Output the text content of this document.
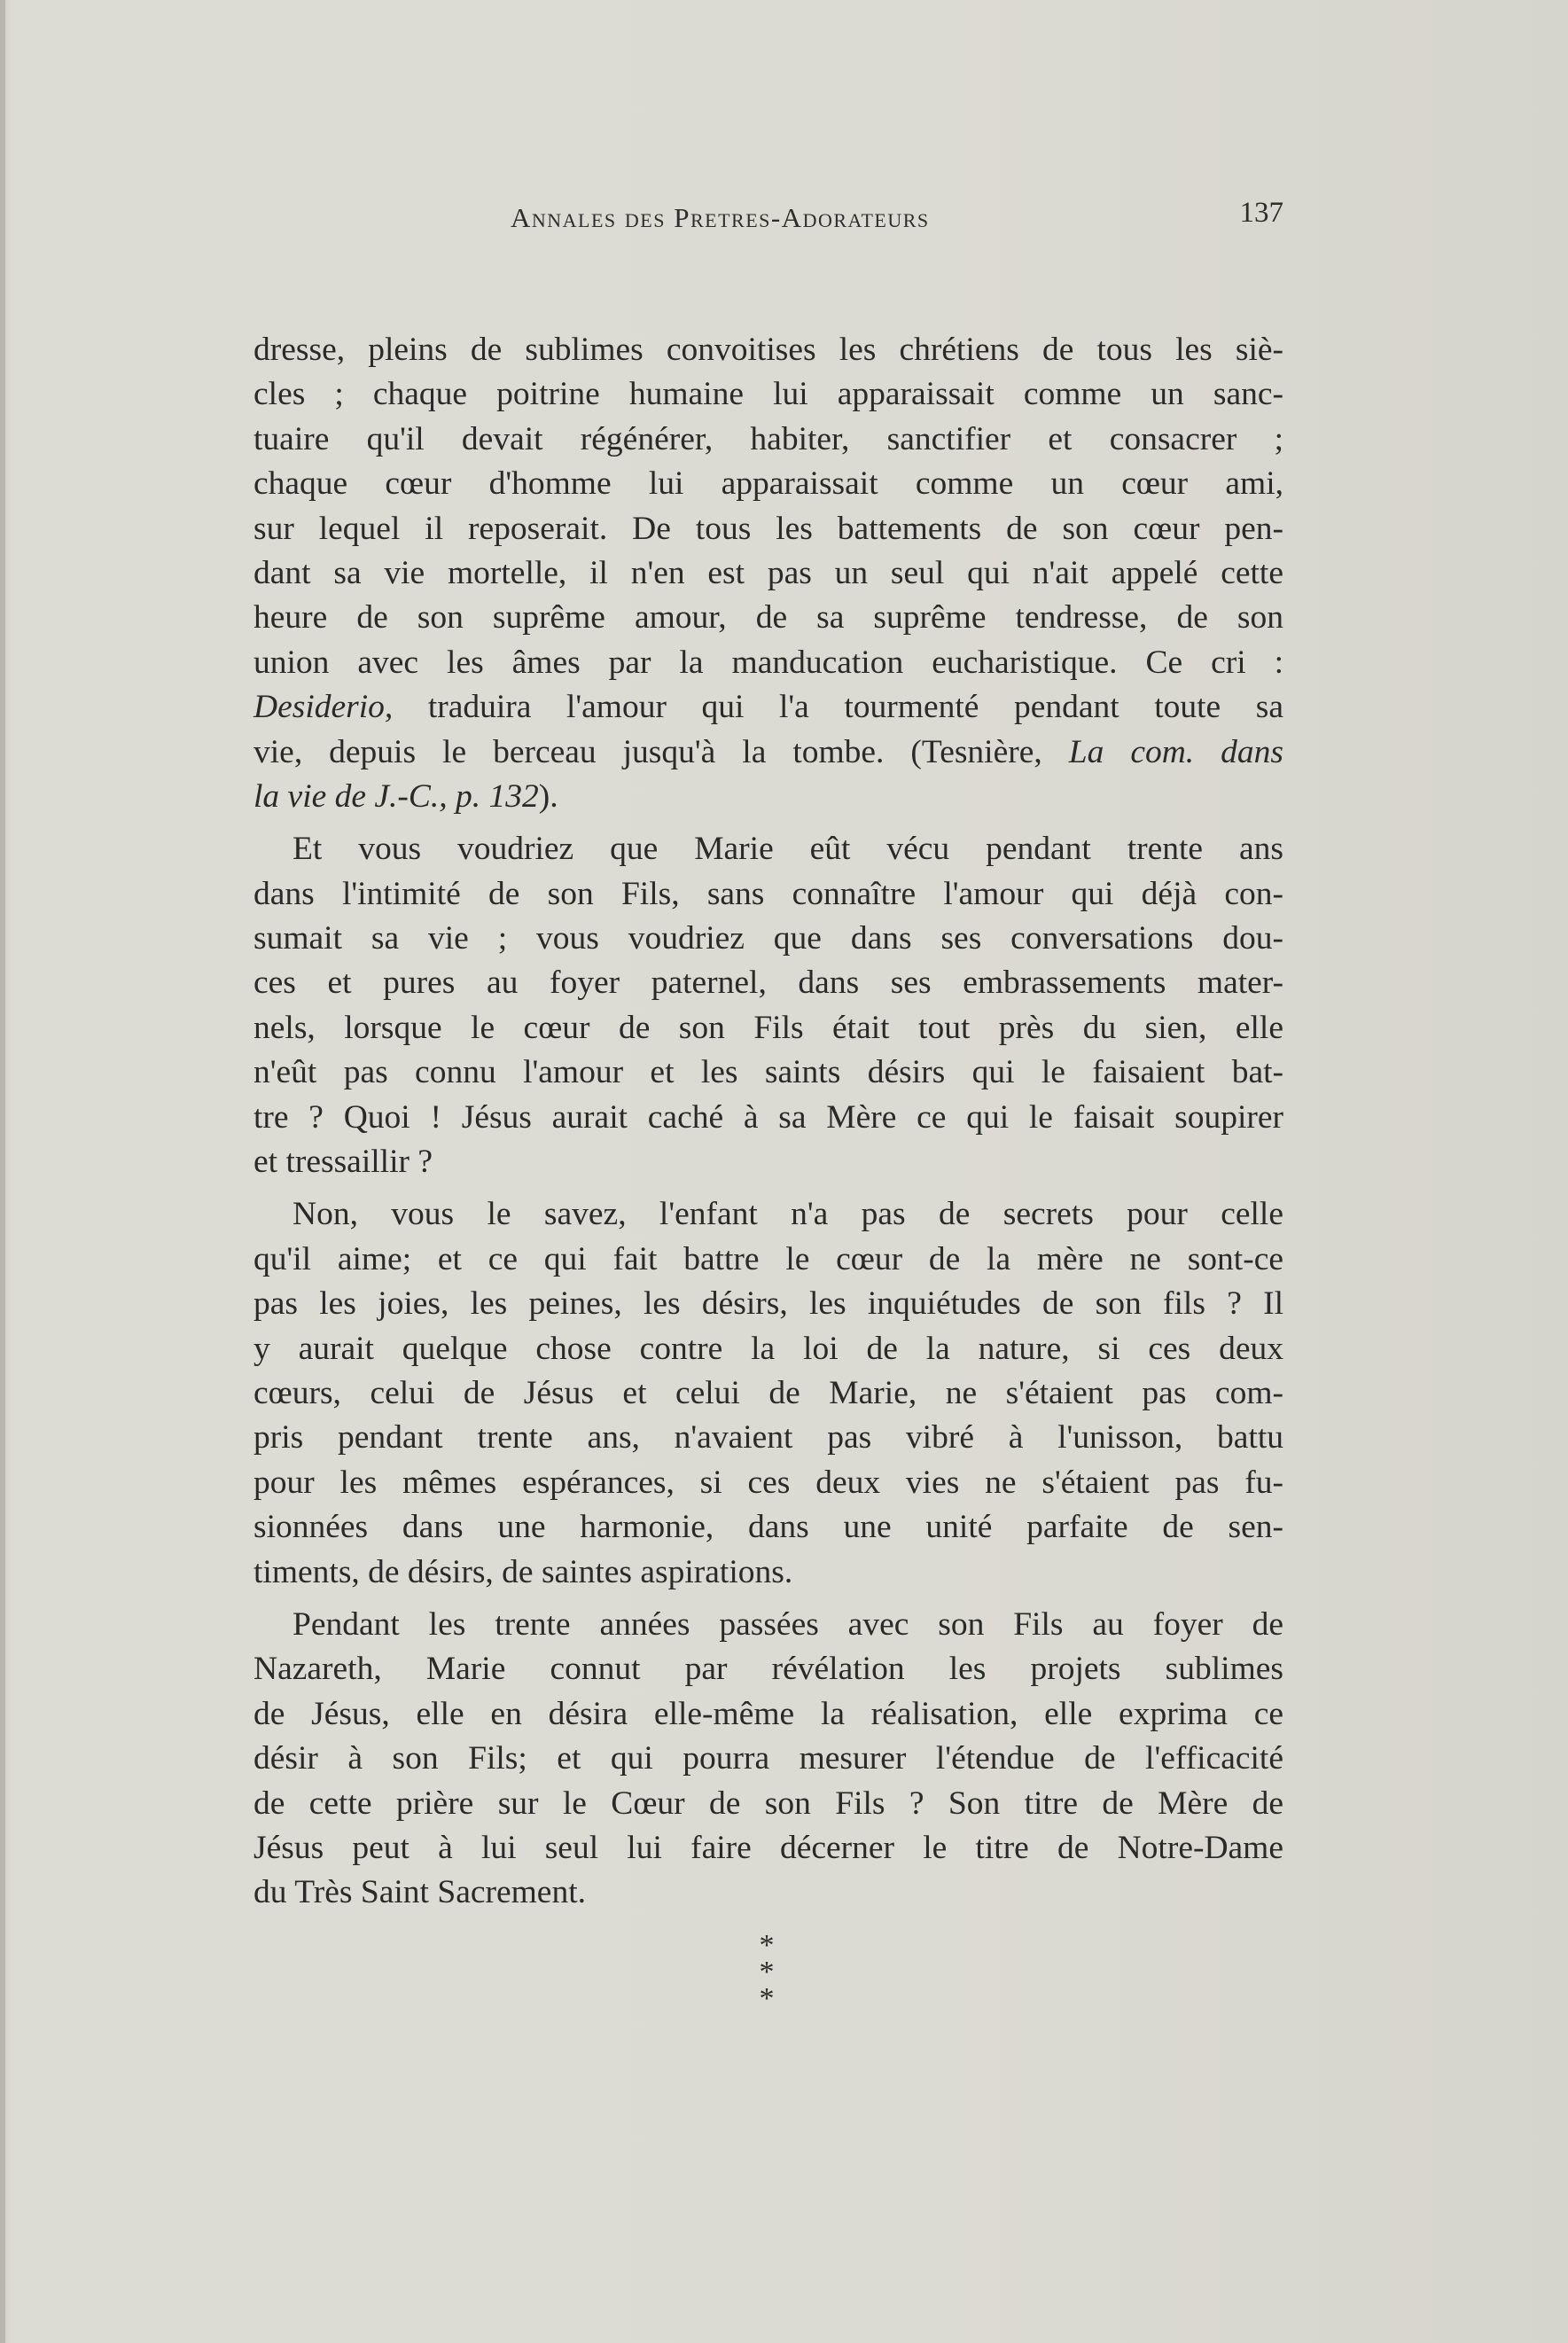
Annales des Pretres-Adorateurs	137
dresse, pleins de sublimes convoitises les chrétiens de tous les siè-
cles ; chaque poitrine humaine lui apparaissait comme un sanc-
tuaire qu'il devait régénérer, habiter, sanctifier et consacrer ;
chaque cœur d'homme lui apparaissait comme un cœur ami,
sur lequel il reposerait. De tous les battements de son cœur pen-
dant sa vie mortelle, il n'en est pas un seul qui n'ait appelé cette
heure de son suprême amour, de sa suprême tendresse, de son
union avec les âmes par la manducation eucharistique. Ce cri :
Desiderio, traduira l'amour qui l'a tourmenté pendant toute sa
vie, depuis le berceau jusqu'à la tombe. (Tesnière, La com. dans
la vie de J.-C., p. 132).
Et vous voudriez que Marie eût vécu pendant trente ans
dans l'intimité de son Fils, sans connaître l'amour qui déjà con-
sumait sa vie ; vous voudriez que dans ses conversations dou-
ces et pures au foyer paternel, dans ses embrassements mater-
nels, lorsque le cœur de son Fils était tout près du sien, elle
n'eût pas connu l'amour et les saints désirs qui le faisaient bat-
tre ? Quoi ! Jésus aurait caché à sa Mère ce qui le faisait soupirer
et tressaillir ?
Non, vous le savez, l'enfant n'a pas de secrets pour celle
qu'il aime; et ce qui fait battre le cœur de la mère ne sont-ce
pas les joies, les peines, les désirs, les inquiétudes de son fils ? Il
y aurait quelque chose contre la loi de la nature, si ces deux
cœurs, celui de Jésus et celui de Marie, ne s'étaient pas com-
pris pendant trente ans, n'avaient pas vibré à l'unisson, battu
pour les mêmes espérances, si ces deux vies ne s'étaient pas fu-
sionnées dans une harmonie, dans une unité parfaite de sen-
timents, de désirs, de saintes aspirations.
Pendant les trente années passées avec son Fils au foyer de
Nazareth, Marie connut par révélation les projets sublimes
de Jésus, elle en désira elle-même la réalisation, elle exprima ce
désir à son Fils; et qui pourra mesurer l'étendue de l'efficacité
de cette prière sur le Cœur de son Fils ? Son titre de Mère de
Jésus peut à lui seul lui faire décerner le titre de Notre-Dame
du Très Saint Sacrement.
*
* *
